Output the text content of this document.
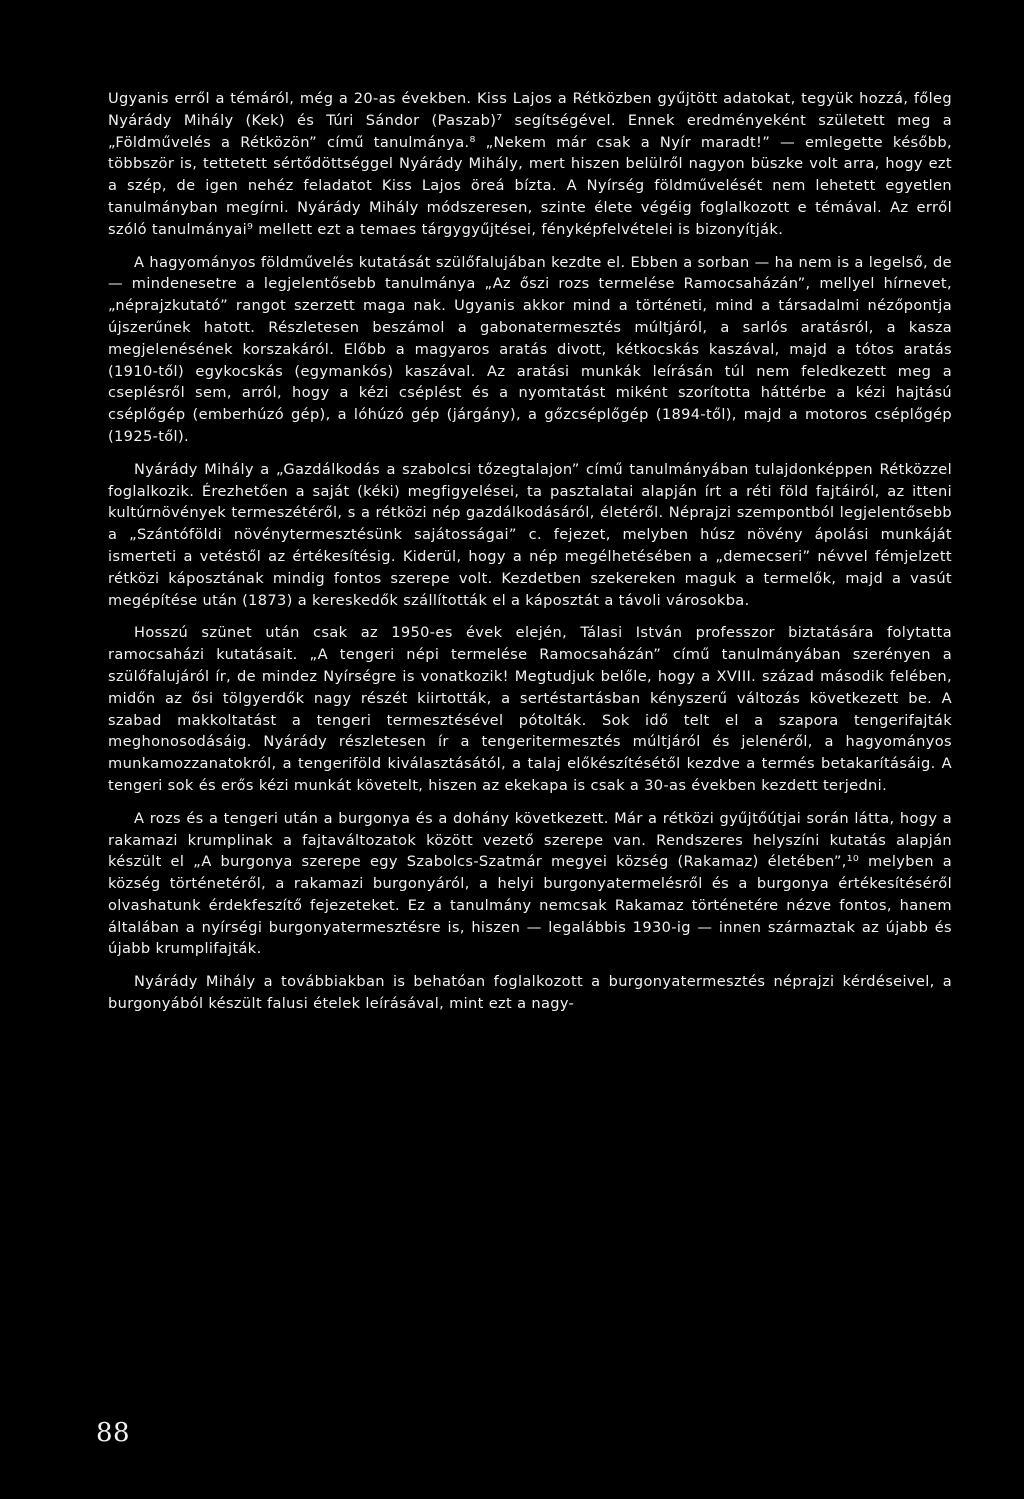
Ugyanis erről a témáról, még a 20-as években. Kiss Lajos a Rétközben gyűjtött adatokat, tegyük hozzá, főleg Nyárády Mihály (Kek) és Túri Sándor (Paszab)⁷ segítségével. Ennek eredményeként született meg a „Földművelés a Rétközön” című tanulmánya.⁸ „Nekem már csak a Nyír maradt!” — emlegette később, többször is, tettetett sértődöttséggel Nyárády Mihály, mert hiszen belülről nagyon büszke volt arra, hogy ezt a szép, de igen nehéz feladatot Kiss Lajos öreá bízta. A Nyírség földművelését nem lehetett egyetlen tanulmányban megírni. Nyárády Mihály módszeresen, szinte élete végéig foglalkozott e témával. Az erről szóló tanulmányai⁹ mellett ezt a temaes tárgygyűjtései, fényképfelvételei is bizonyítják.

A hagyományos földművelés kutatását szülőfalujában kezdte el. Ebben a sorban — ha nem is a legelső, de — mindenesetre a legjelentősebb tanulmánya „Az őszi rozs termelése Ramocsaházán”, mellyel hírnevet, „néprajzkutató” rangot szerzett maga nak. Ugyanis akkor mind a történeti, mind a társadalmi nézőpontja újszerűnek hatott. Részletesen beszámol a gabonatermesztés múltjáról, a sarlós aratásról, a kasza megjelenésének korszakáról. Előbb a magyaros aratás divott, kétkocskás kaszával, majd a tótos aratás (1910-től) egykocskás (egymankós) kaszával. Az aratási munkák leírásán túl nem feledkezett meg a cseplésről sem, arról, hogy a kézi cséplést és a nyomtatást miként szorította háttérbe a kézi hajtású cséplőgép (emberhúzó gép), a lóhúzó gép (járgány), a gőzcséplőgép (1894-től), majd a motoros cséplőgép (1925-től).

Nyárády Mihály a „Gazdálkodás a szabolcsi tőzegtalajon” című tanulmányában tulajdonképpen Rétközzel foglalkozik. Érezhetően a saját (kéki) megfigyelései, ta pasztalatai alapján írt a réti föld fajtáiról, az itteni kultúrnövények termeszétéről, s a rétközi nép gazdálkodásáról, életéről. Néprajzi szempontból legjelentősebb a „Szántóföldi növénytermesztésünk sajátosságai” c. fejezet, melyben húsz növény ápolási munkáját ismerteti a vetéstől az értékesítésig. Kiderül, hogy a nép megélhetésében a „demecseri” névvel fémjelzett rétközi káposztának mindig fontos szerepe volt. Kezdetben szekereken maguk a termelők, majd a vasút megépítése után (1873) a kereskedők szállították el a káposztát a távoli városokba.

Hosszú szünet után csak az 1950-es évek elején, Tálasi István professzor biztatására folytatta ramocsaházi kutatásait. „A tengeri népi termelése Ramocsaházán” című tanulmányában szerényen a szülőfalujáról ír, de mindez Nyírségre is vonatkozik! Megtudjuk belőle, hogy a XVIII. század második felében, midőn az ősi tölgyerdők nagy részét kiirtották, a sertéstartásban kényszerű változás következett be. A szabad makkoltatást a tengeri termesztésével pótolták. Sok idő telt el a szapora tengerifajták meghonosodásáig. Nyárády részletesen ír a tengeritermesztés múltjáról és jelenéről, a hagyományos munkamozzanatokról, a tengeriföld kiválasztásától, a talaj előkészítésétől kezdve a termés betakarításáig. A tengeri sok és erős kézi munkát követelt, hiszen az ekekapa is csak a 30-as években kezdett terjedni.

A rozs és a tengeri után a burgonya és a dohány következett. Már a rétközi gyűjtőútjai során látta, hogy a rakamazi krumplinak a fajtaváltozatok között vezető szerepe van. Rendszeres helyszíni kutatás alapján készült el „A burgonya szerepe egy Szabolcs-Szatmár megyei község (Rakamaz) életében”,¹⁰ melyben a község történetéről, a rakamazi burgonyáról, a helyi burgonyatermelésről és a burgonya értékesítéséről olvashatunk érdekfeszítő fejezeteket. Ez a tanulmány nemcsak Rakamaz történetére nézve fontos, hanem általában a nyírségi burgonyatermesztésre is, hiszen — legalábbis 1930-ig — innen származtak az újabb és újabb krumplifajták.

Nyárády Mihály a továbbiakban is behatóan foglalkozott a burgonyatermesztés néprajzi kérdéseivel, a burgonyából készült falusi ételek leírásával, mint ezt a nagy-

88
